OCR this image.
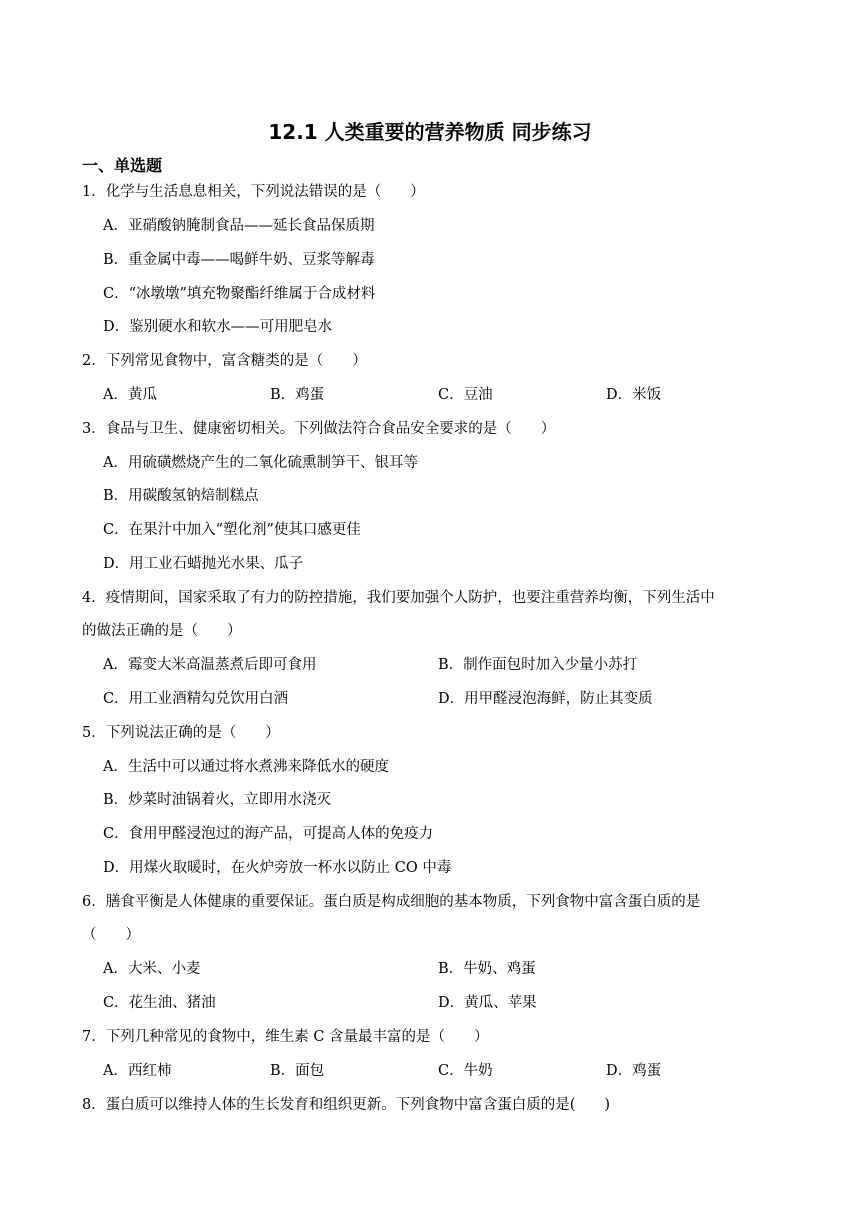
12.1 人类重要的营养物质 同步练习
一、单选题
1．化学与生活息息相关，下列说法错误的是（　　）
A．亚硝酸钠腌制食品——延长食品保质期
B．重金属中毒——喝鲜牛奶、豆浆等解毒
C．“冰墩墩”填充物聚酯纤维属于合成材料
D．鉴别硬水和软水——可用肥皂水
2．下列常见食物中，富含糖类的是（　　）
A．黄瓜	B．鸡蛋	C．豆油	D．米饭
3．食品与卫生、健康密切相关。下列做法符合食品安全要求的是（　　）
A．用硫磺燃烧产生的二氧化硫熏制笋干、银耳等
B．用碳酸氢钠焙制糕点
C．在果汁中加入“塑化剂”使其口感更佳
D．用工业石蜡抛光水果、瓜子
4．疫情期间，国家采取了有力的防控措施，我们要加强个人防护，也要注重营养均衡，下列生活中
的做法正确的是（　　）
A．霉变大米高温蒸煮后即可食用	B．制作面包时加入少量小苏打
C．用工业酒精勾兑饮用白酒	D．用甲醛浸泡海鲜，防止其变质
5．下列说法正确的是（　　）
A．生活中可以通过将水煮沸来降低水的硬度
B．炒菜时油锅着火，立即用水浇灭
C．食用甲醛浸泡过的海产品，可提高人体的免疫力
D．用煤火取暖时，在火炉旁放一杯水以防止 CO 中毒
6．膳食平衡是人体健康的重要保证。蛋白质是构成细胞的基本物质，下列食物中富含蛋白质的是
（　　）
A．大米、小麦	B．牛奶、鸡蛋
C．花生油、猪油	D．黄瓜、苹果
7．下列几种常见的食物中，维生素 C 含量最丰富的是（　　）
A．西红柿	B．面包	C．牛奶	D．鸡蛋
8．蛋白质可以维持人体的生长发育和组织更新。下列食物中富含蛋白质的是(　　)
